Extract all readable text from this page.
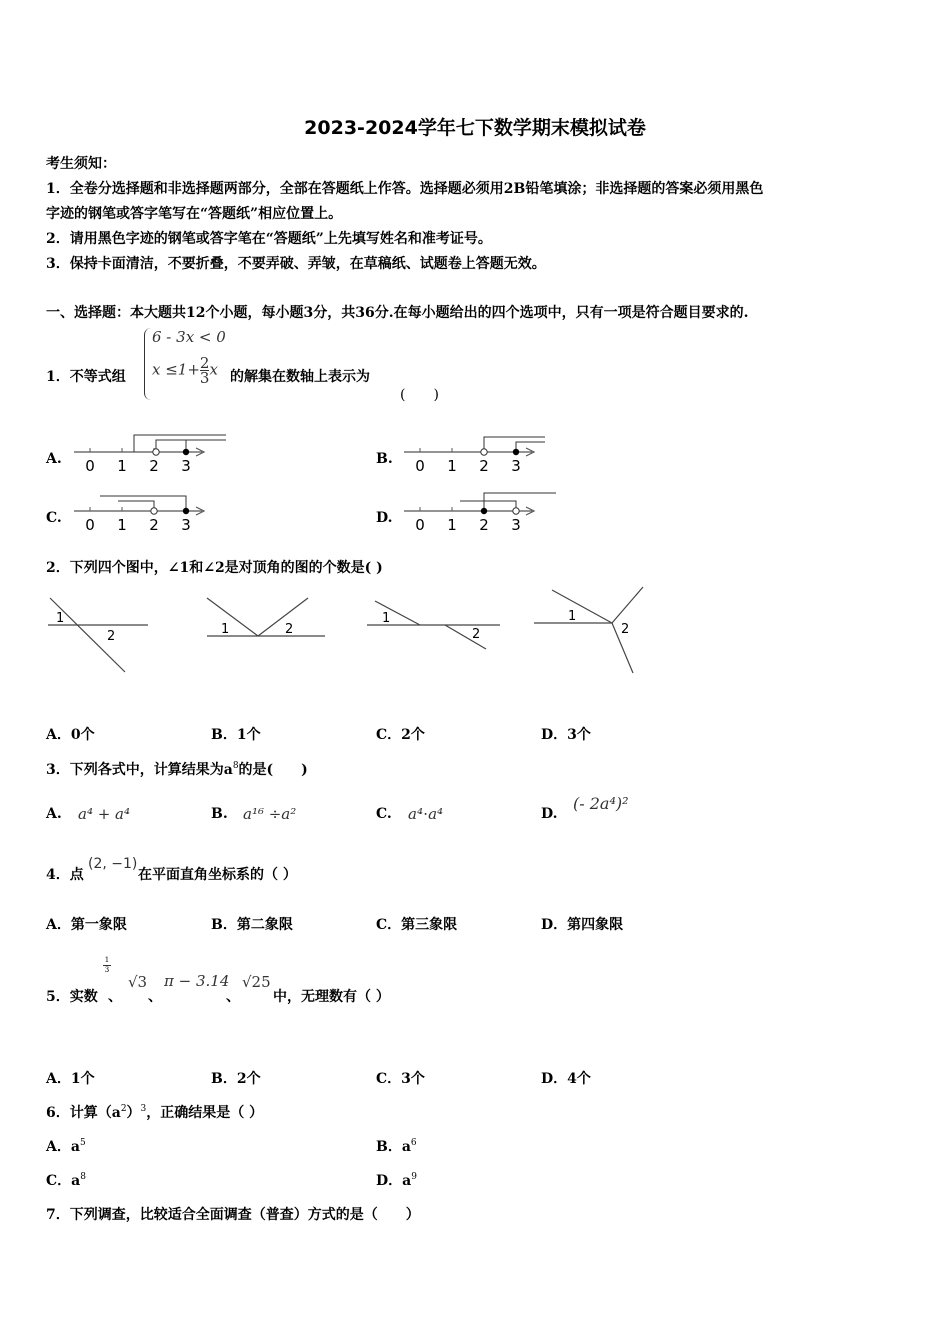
2023-2024学年七下数学期末模拟试卷
考生须知：
1．全卷分选择题和非选择题两部分，全部在答题纸上作答。选择题必须用2B铅笔填涂；非选择题的答案必须用黑色
字迹的钢笔或答字笔写在“答题纸”相应位置上。
2．请用黑色字迹的钢笔或答字笔在“答题纸”上先填写姓名和准考证号。
3．保持卡面清洁，不要折叠，不要弄破、弄皱，在草稿纸、试题卷上答题无效。
一、选择题：本大题共12个小题，每小题3分，共36分.在每小题给出的四个选项中，只有一项是符合题目要求的.
6 - 3x < 0
$x \le 1+ \frac{2}{3}$ x
1．不等式组	的解集在数轴上表示为
(　　)
A.	B.
C.	D.
0 1 2 3	0 1 2 3
0 1 2 3	0 1 2 3
2．下列四个图中，∠1和∠2是对顶角的图的个数是( )
1
2	1	2
1
2
1
2
A．0个	B．1个	C．2个	D．3个
3．下列各式中，计算结果为$a^8$的是(　　)
A. a⁴ + a⁴	B. a¹⁶ ÷a²	C. a⁴⋅a⁴	D.
(- 2a⁴)²
4．点
(2, −1)
在平面直角坐标系的（ ）
A．第一象限	B．第二象限	C．第三象限	D．第四象限
5．实数
$\frac{1}{3}$
、
√3
、
π − 3.14
、
√25
中，无理数有（ ）
A．1个	B．2个	C．3个	D．4个
6．计算$(a^2)^3$，正确结果是（ ）
A．$a^5$	B．$a^6$
C．$a^8$	D．$a^9$
7．下列调查，比较适合全面调查（普查）方式的是（　　）
